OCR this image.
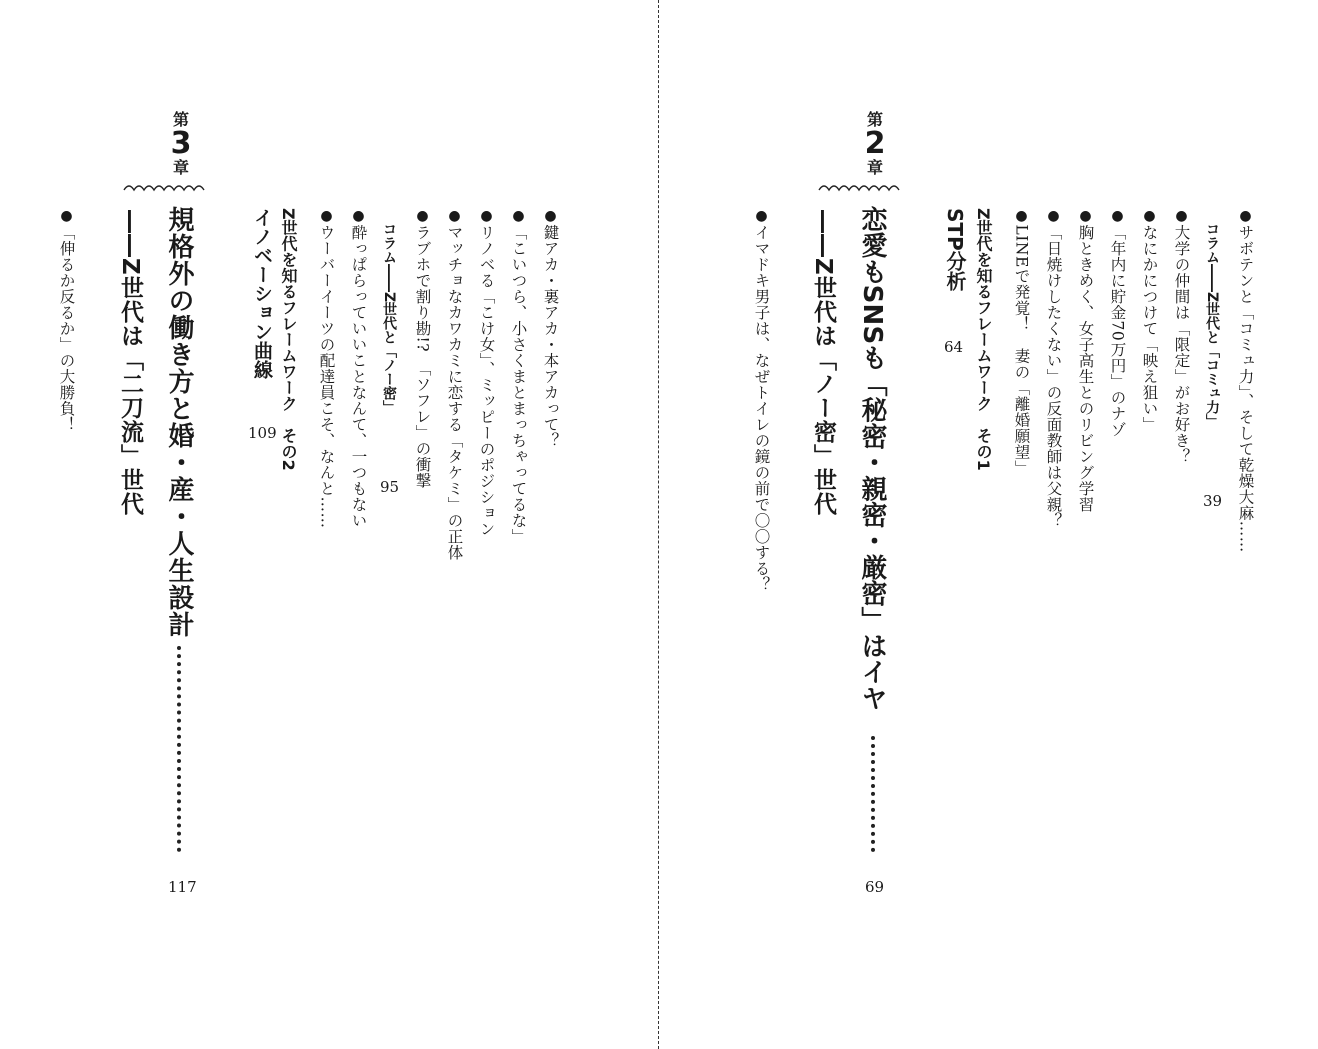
●鍵アカ・裏アカ・本アカって？
●「こいつら、小さくまとまっちゃってるな」
●リノベる「こけ女」、ミッピーのポジション
●マッチョなカワカミに恋する「タケミ」の正体
●ラブホで割り勘!?　「ソフレ」の衝撃
コラム――Z世代と「ノー密」
95
●酔っぱらっていいことなんて、一つもない
●ウーバーイーツの配達員こそ、なんと……
Z世代を知るフレームワーク　その2
イノベーション曲線
109
第
3
章
規格外の働き方と婚・産・人生設計
――Z世代は「二刀流」世代
117
●「伸るか反るか」の大勝負！
●サボテンと「コミュ力」、そして乾燥大麻……
コラム――Z世代と「コミュ力」
39
●大学の仲間は「限定」がお好き？
●なにかにつけて「映え狙い」
●「年内に貯金70万円」のナゾ
●胸ときめく、女子高生とのリビング学習
●「日焼けしたくない」の反面教師は父親？
●LINEで発覚！　妻の「離婚願望」
Z世代を知るフレームワーク　その1
STP分析
64
第
2
章
恋愛もSNSも「秘密・親密・厳密」はイヤ
――Z世代は「ノー密」世代
69
●イマドキ男子は、なぜトイレの鏡の前で〇〇する？
